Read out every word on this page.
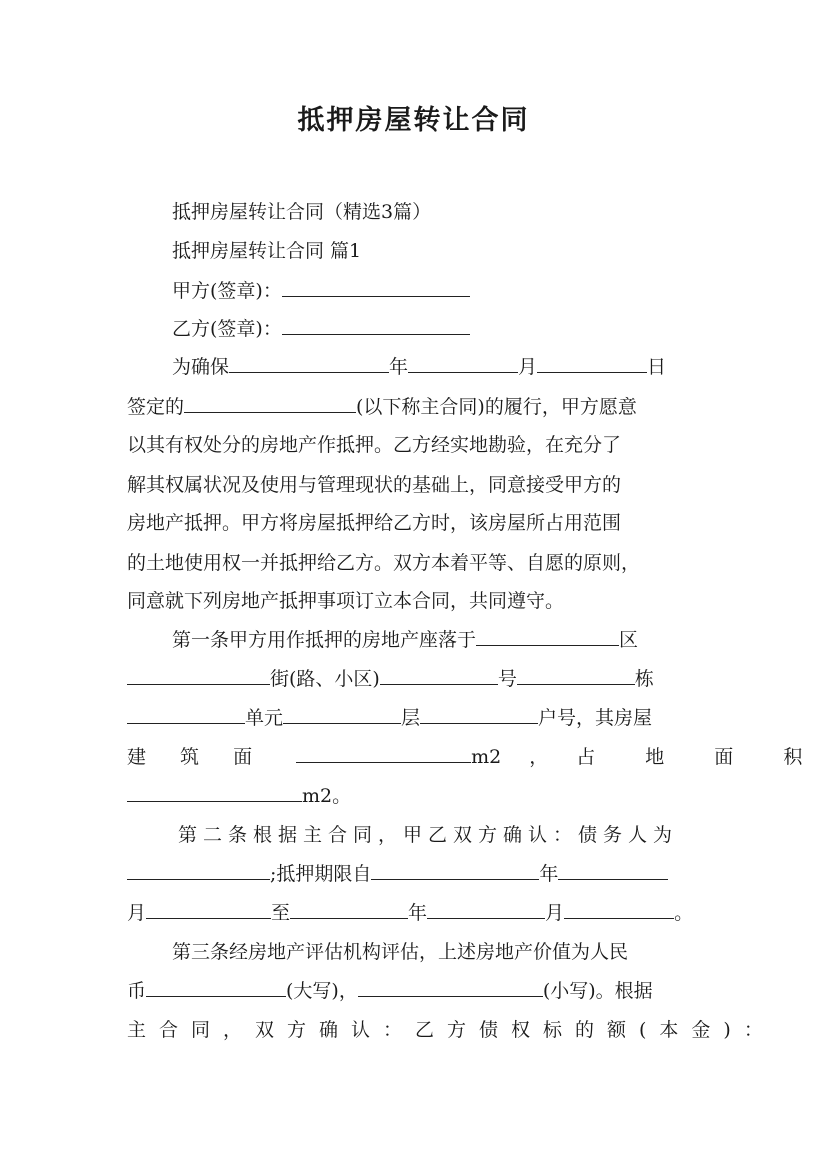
抵押房屋转让合同
抵押房屋转让合同（精选3篇）
抵押房屋转让合同 篇1
甲方(签章)：
乙方(签章)：
为确保	年	月	日
签定的	(以下称主合同)的履行，甲方愿意
以其有权处分的房地产作抵押。乙方经实地勘验，在充分了
解其权属状况及使用与管理现状的基础上，同意接受甲方的
房地产抵押。甲方将房屋抵押给乙方时，该房屋所占用范围
的土地使用权一并抵押给乙方。双方本着平等、自愿的原则，
同意就下列房地产抵押事项订立本合同，共同遵守。
第一条甲方用作抵押的房地产座落于	区
街(路、小区)	号	栋
单元	层	户号，其房屋
建 筑 面	m2 ， 占 地 面 积
m2。
第二条根据主合同，甲乙双方确认：债务人为
;抵押期限自	年
月	至	年	月	。
第三条经房地产评估机构评估，上述房地产价值为人民
币	(大写)，	(小写)。根据
主合同，双方确认：乙方债权标的额(本金)：
